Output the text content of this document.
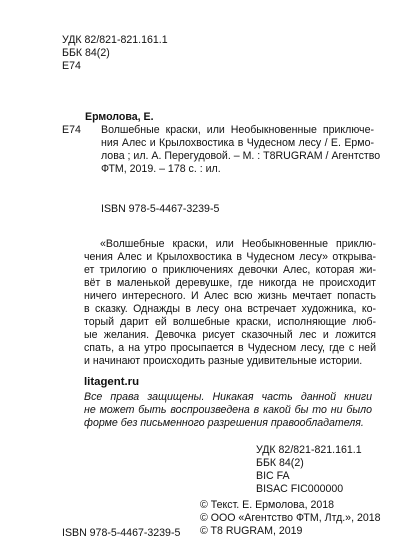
УДК 82/821-821.161.1
ББК 84(2)
Е74
Е74
Ермолова, Е.
Волшебные краски, или Необыкновенные приключе-
ния Алес и Крылохвостика в Чудесном лесу / Е. Ермо-
лова ; ил. А. Перегудовой. – М. : T8RUGRAM / Агентство
ФТМ, 2019. – 178 с. : ил.
ISBN 978-5-4467-3239-5
«Волшебные краски, или Необыкновенные приклю-
чения Алес и Крылохвостика в Чудесном лесу» открыва-
ет трилогию о приключениях девочки Алес, которая жи-
вёт в маленькой деревушке, где никогда не происходит
ничего интересного. И Алес всю жизнь мечтает попасть
в сказку. Однажды в лесу она встречает художника, ко-
торый дарит ей волшебные краски, исполняющие люб-
ые желания. Девочка рисует сказочный лес и ложится
спать, а на утро просыпается в Чудесном лесу, где с ней
и начинают происходить разные удивительные истории.
litagent.ru
Все права защищены. Никакая часть данной книги
не может быть воспроизведена в какой бы то ни было
форме без письменного разрешения правообладателя.
УДК 82/821-821.161.1
ББК 84(2)
BIC FA
BISAC FIC000000
ISBN 978-5-4467-3239-5
© Текст. Е. Ермолова, 2018
© ООО «Агентство ФТМ, Лтд.», 2018
© T8 RUGRAM, 2019
